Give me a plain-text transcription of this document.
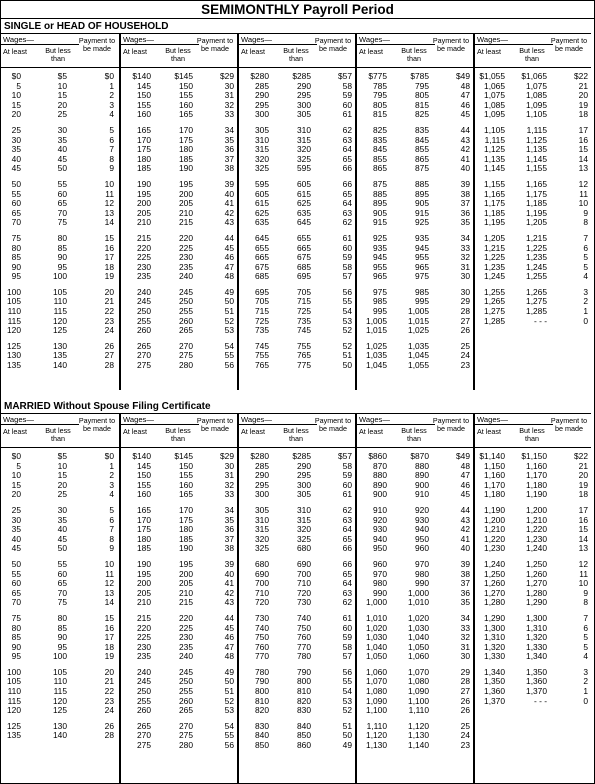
SEMIMONTHLY Payroll Period
SINGLE or HEAD OF HOUSEHOLD
Wages—
At least	But less than
Payment to be made
$0	$5	$0
5	10	1
10	15	2
15	20	3
20	25	4
25	30	5
30	35	6
35	40	7
40	45	8
45	50	9
50	55	10
55	60	11
60	65	12
65	70	13
70	75	14
75	80	15
80	85	16
85	90	17
90	95	18
95	100	19
100	105	20
105	110	21
110	115	22
115	120	23
120	125	24
125	130	26
130	135	27
135	140	28
Wages—
At least	But less than
Payment to be made
$140	$145	$29
145	150	30
150	155	31
155	160	32
160	165	33
165	170	34
170	175	35
175	180	36
180	185	37
185	190	38
190	195	39
195	200	40
200	205	41
205	210	42
210	215	43
215	220	44
220	225	45
225	230	46
230	235	47
235	240	48
240	245	49
245	250	50
250	255	51
255	260	52
260	265	53
265	270	54
270	275	55
275	280	56
Wages—
At least	But less than
Payment to be made
$280	$285	$57
285	290	58
290	295	59
295	300	60
300	305	61
305	310	62
310	315	63
315	320	64
320	325	65
325	595	66
595	605	66
605	615	65
615	625	64
625	635	63
635	645	62
645	655	61
655	665	60
665	675	59
675	685	58
685	695	57
695	705	56
705	715	55
715	725	54
725	735	53
735	745	52
745	755	52
755	765	51
765	775	50
Wages—
At least	But less than
Payment to be made
$775	$785	$49
785	795	48
795	805	47
805	815	46
815	825	45
825	835	44
835	845	43
845	855	42
855	865	41
865	875	40
875	885	39
885	895	38
895	905	37
905	915	36
915	925	35
925	935	34
935	945	33
945	955	32
955	965	31
965	975	30
975	985	30
985	995	29
995	1,005	28
1,005	1,015	27
1,015	1,025	26
1,025	1,035	25
1,035	1,045	24
1,045	1,055	23
Wages—
At least	But less than
Payment to be made
$1,055	$1,065	$22
1,065	1,075	21
1,075	1,085	20
1,085	1,095	19
1,095	1,105	18
1,105	1,115	17
1,115	1,125	16
1,125	1,135	15
1,135	1,145	14
1,145	1,155	13
1,155	1,165	12
1,165	1,175	11
1,175	1,185	10
1,185	1,195	9
1,195	1,205	8
1,205	1,215	7
1,215	1,225	6
1,225	1,235	5
1,235	1,245	5
1,245	1,255	4
1,255	1,265	3
1,265	1,275	2
1,275	1,285	1
1,285	- - -	0
MARRIED Without Spouse Filing Certificate
Wages—
At least	But less than
Payment to be made
$0	$5	$0
5	10	1
10	15	2
15	20	3
20	25	4
25	30	5
30	35	6
35	40	7
40	45	8
45	50	9
50	55	10
55	60	11
60	65	12
65	70	13
70	75	14
75	80	15
80	85	16
85	90	17
90	95	18
95	100	19
100	105	20
105	110	21
110	115	22
115	120	23
120	125	24
125	130	26
135	140	28
Wages—
At least	But less than
Payment to be made
$140	$145	$29
145	150	30
150	155	31
155	160	32
160	165	33
165	170	34
170	175	35
175	180	36
180	185	37
185	190	38
190	195	39
195	200	40
200	205	41
205	210	42
210	215	43
215	220	44
220	225	45
225	230	46
230	235	47
235	240	48
240	245	49
245	250	50
250	255	51
255	260	52
260	265	53
265	270	54
270	275	55
275	280	56
Wages—
At least	But less than
Payment to be made
$280	$285	$57
285	290	58
290	295	59
295	300	60
300	305	61
305	310	62
310	315	63
315	320	64
320	325	65
325	680	66
680	690	66
690	700	65
700	710	64
710	720	63
720	730	62
730	740	61
740	750	60
750	760	59
760	770	58
770	780	57
780	790	56
790	800	55
800	810	54
810	820	53
820	830	52
830	840	51
840	850	50
850	860	49
Wages—
At least	But less than
Payment to be made
$860	$870	$49
870	880	48
880	890	47
890	900	46
900	910	45
910	920	44
920	930	43
930	940	42
940	950	41
950	960	40
960	970	39
970	980	38
980	990	37
990	1,000	36
1,000	1,010	35
1,010	1,020	34
1,020	1,030	33
1,030	1,040	32
1,040	1,050	31
1,050	1,060	30
1,060	1,070	29
1,070	1,080	28
1,080	1,090	27
1,090	1,100	26
1,100	1,110	26
1,110	1,120	25
1,120	1,130	24
1,130	1,140	23
Wages—
At least	But less than
Payment to be made
$1,140	$1,150	$22
1,150	1,160	21
1,160	1,170	20
1,170	1,180	19
1,180	1,190	18
1,190	1,200	17
1,200	1,210	16
1,210	1,220	15
1,220	1,230	14
1,230	1,240	13
1,240	1,250	12
1,250	1,260	11
1,260	1,270	10
1,270	1,280	9
1,280	1,290	8
1,290	1,300	7
1,300	1,310	6
1,310	1,320	5
1,320	1,330	5
1,330	1,340	4
1,340	1,350	3
1,350	1,360	2
1,360	1,370	1
1,370	- - -	0
